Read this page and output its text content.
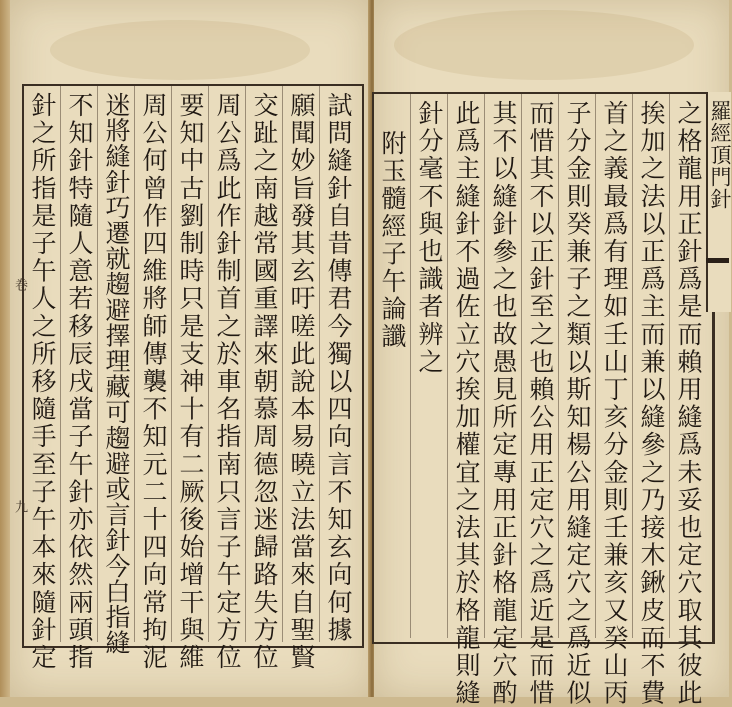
試問縫針自昔傳君今獨以四向言不知玄向何據
願聞妙旨發其玄吁嗟此說本易曉立法當來自聖賢
交趾之南越常國重譯來朝慕周德忽迷歸路失方位
周公爲此作針制首之於車名指南只言子午定方位
要知中古劉制時只是支神十有二厥後始增干與維
周公何曾作四維將師傳襲不知元二十四向常拘泥
迷將縫針巧遷就趨避擇理藏可趨避或言針今白指縫
不知針特隨人意若移辰戌當子午針亦依然兩頭指
針之所指是子午人之所移隨手至子午本來隨針定
卷
九
羅經頂門針
之格龍用正針爲是而賴用縫爲未妥也定穴取其彼此
挨加之法以正爲主而兼以縫參之乃接木鍬皮而不費
首之義最爲有理如壬山丁亥分金則壬兼亥又癸山丙
子分金則癸兼子之類以斯知楊公用縫定穴之爲近似
而惜其不以正針至之也賴公用正定穴之爲近是而惜
其不以縫針參之也故愚見所定專用正針格龍定穴酌
此爲主縫針不過佐立穴挨加權宜之法其於格龍則縫
針分毫不與也識者辨之
附玉髓經子午論讖
